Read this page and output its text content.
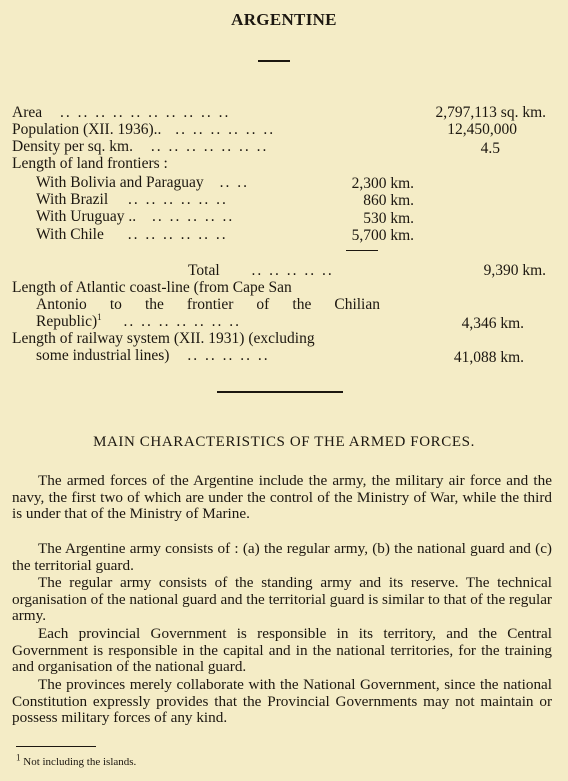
ARGENTINE
Area .. .. .. .. .. .. .. .. .. ..	2,797,113 sq. km.
Population (XII. 1936).. .. .. .. .. .. ..	12,450,000
Density per sq. km. .. .. .. .. .. .. ..	4.5
Length of land frontiers :
With Bolivia and Paraguay .. ..	2,300 km.
With Brazil .. .. .. .. .. ..	860 km.
With Uruguay .. .. .. .. .. ..	530 km.
With Chile .. .. .. .. .. ..	5,700 km.
Total .. .. .. .. ..	9,390 km.
Length of Atlantic coast-line (from Cape San
Antonio to the frontier of the Chilian
Republic)$^1$ .. .. .. .. .. .. ..	4,346 km.
Length of railway system (XII. 1931) (excluding
some industrial lines) .. .. .. .. ..	41,088 km.
MAIN CHARACTERISTICS OF THE ARMED FORCES.
The armed forces of the Argentine include the army, the military air force and the navy, the first two of which are under the control of the Ministry of War, while the third is under that of the Ministry of Marine.
The Argentine army consists of : (a) the regular army, (b) the national guard and (c) the territorial guard.
The regular army consists of the standing army and its reserve. The technical organisation of the national guard and the territorial guard is similar to that of the regular army.
Each provincial Government is responsible in its territory, and the Central Government is responsible in the capital and in the national territories, for the training and organisation of the national guard.
The provinces merely collaborate with the National Government, since the national Constitution expressly provides that the Provincial Governments may not maintain or possess military forces of any kind.
$^1$ Not including the islands.
